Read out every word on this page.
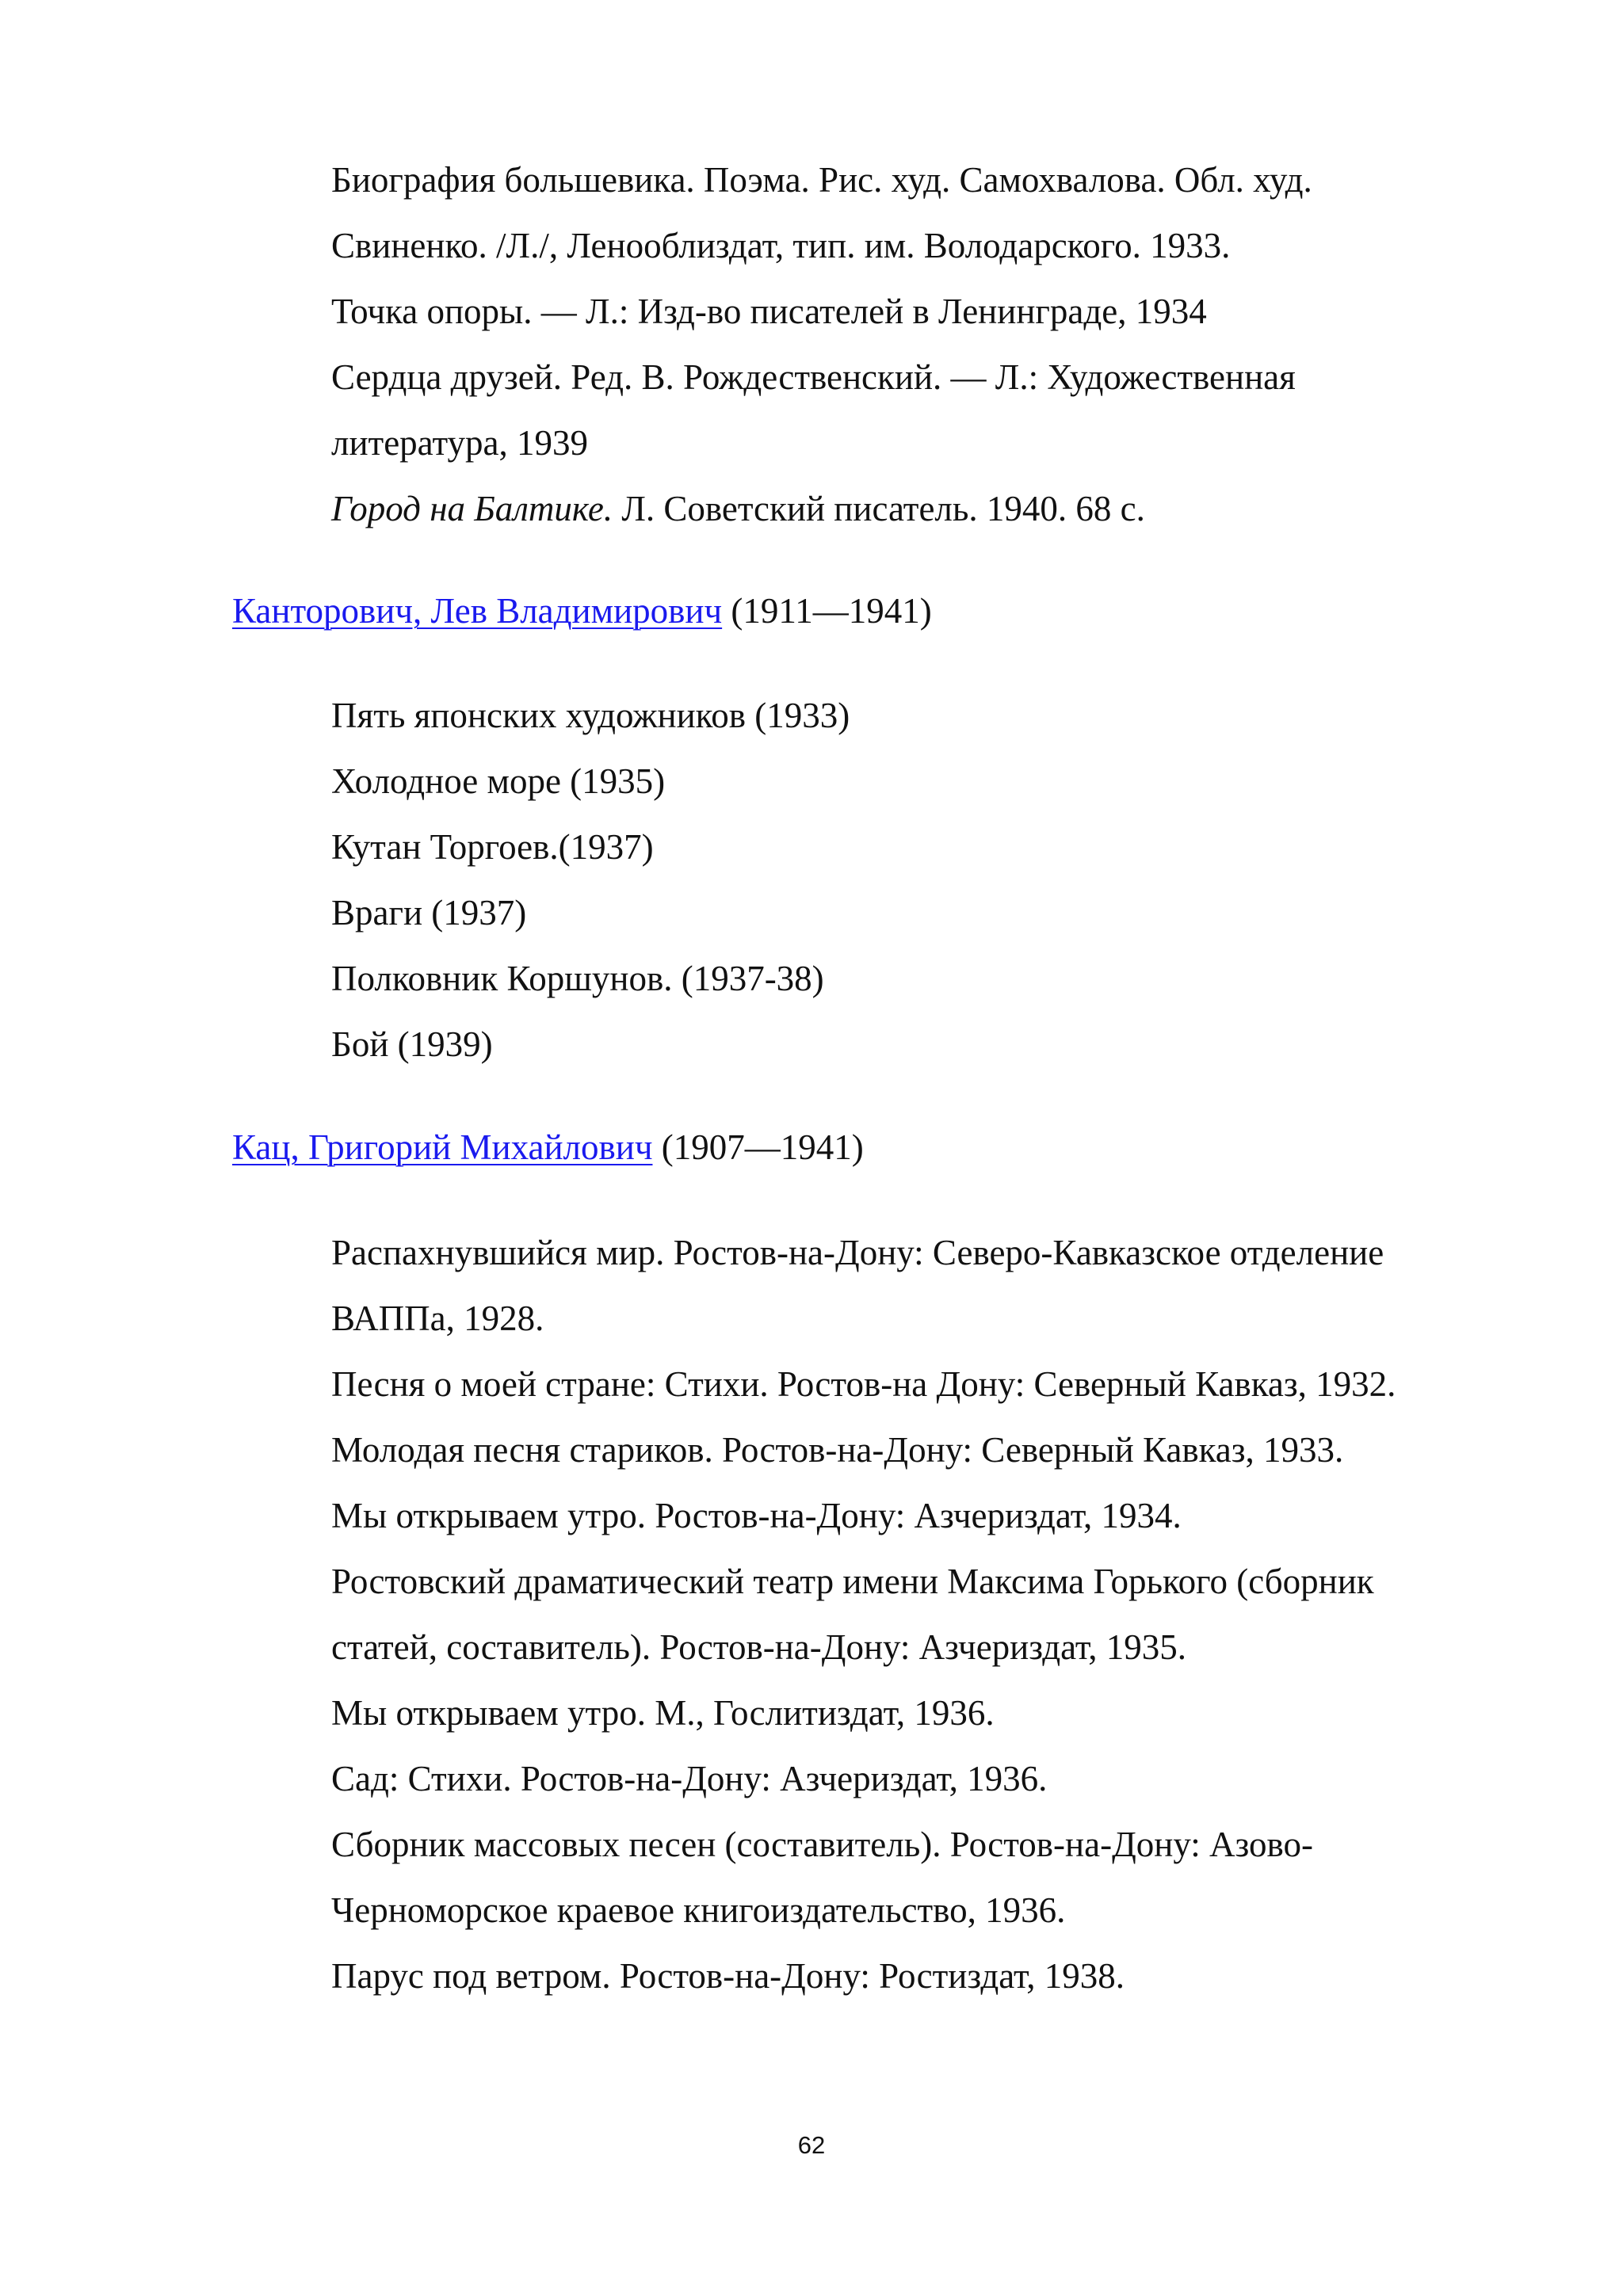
Биография большевика. Поэма. Рис. худ. Самохвалова. Обл. худ.
Свиненко. /Л./, Ленооблиздат, тип. им. Володарского. 1933.
Точка опоры. — Л.: Изд-во писателей в Ленинграде, 1934
Сердца друзей. Ред. В. Рождественский. — Л.: Художественная
литература, 1939
Город на Балтике. Л. Советский писатель. 1940. 68 с.
Канторович, Лев Владимирович (1911—1941)
Пять японских художников (1933)
Холодное море (1935)
Кутан Торгоев.(1937)
Враги (1937)
Полковник Коршунов. (1937-38)
Бой (1939)
Кац, Григорий Михайлович (1907—1941)
Распахнувшийся мир. Ростов-на-Дону: Северо-Кавказское отделение
ВАППа, 1928.
Песня о моей стране: Стихи. Ростов-на Дону: Северный Кавказ, 1932.
Молодая песня стариков. Ростов-на-Дону: Северный Кавказ, 1933.
Мы открываем утро. Ростов-на-Дону: Азчериздат, 1934.
Ростовский драматический театр имени Максима Горького (сборник
статей, составитель). Ростов-на-Дону: Азчериздат, 1935.
Мы открываем утро. М., Гослитиздат, 1936.
Сад: Стихи. Ростов-на-Дону: Азчериздат, 1936.
Сборник массовых песен (составитель). Ростов-на-Дону: Азово-
Черноморское краевое книгоиздательство, 1936.
Парус под ветром. Ростов-на-Дону: Ростиздат, 1938.
62
